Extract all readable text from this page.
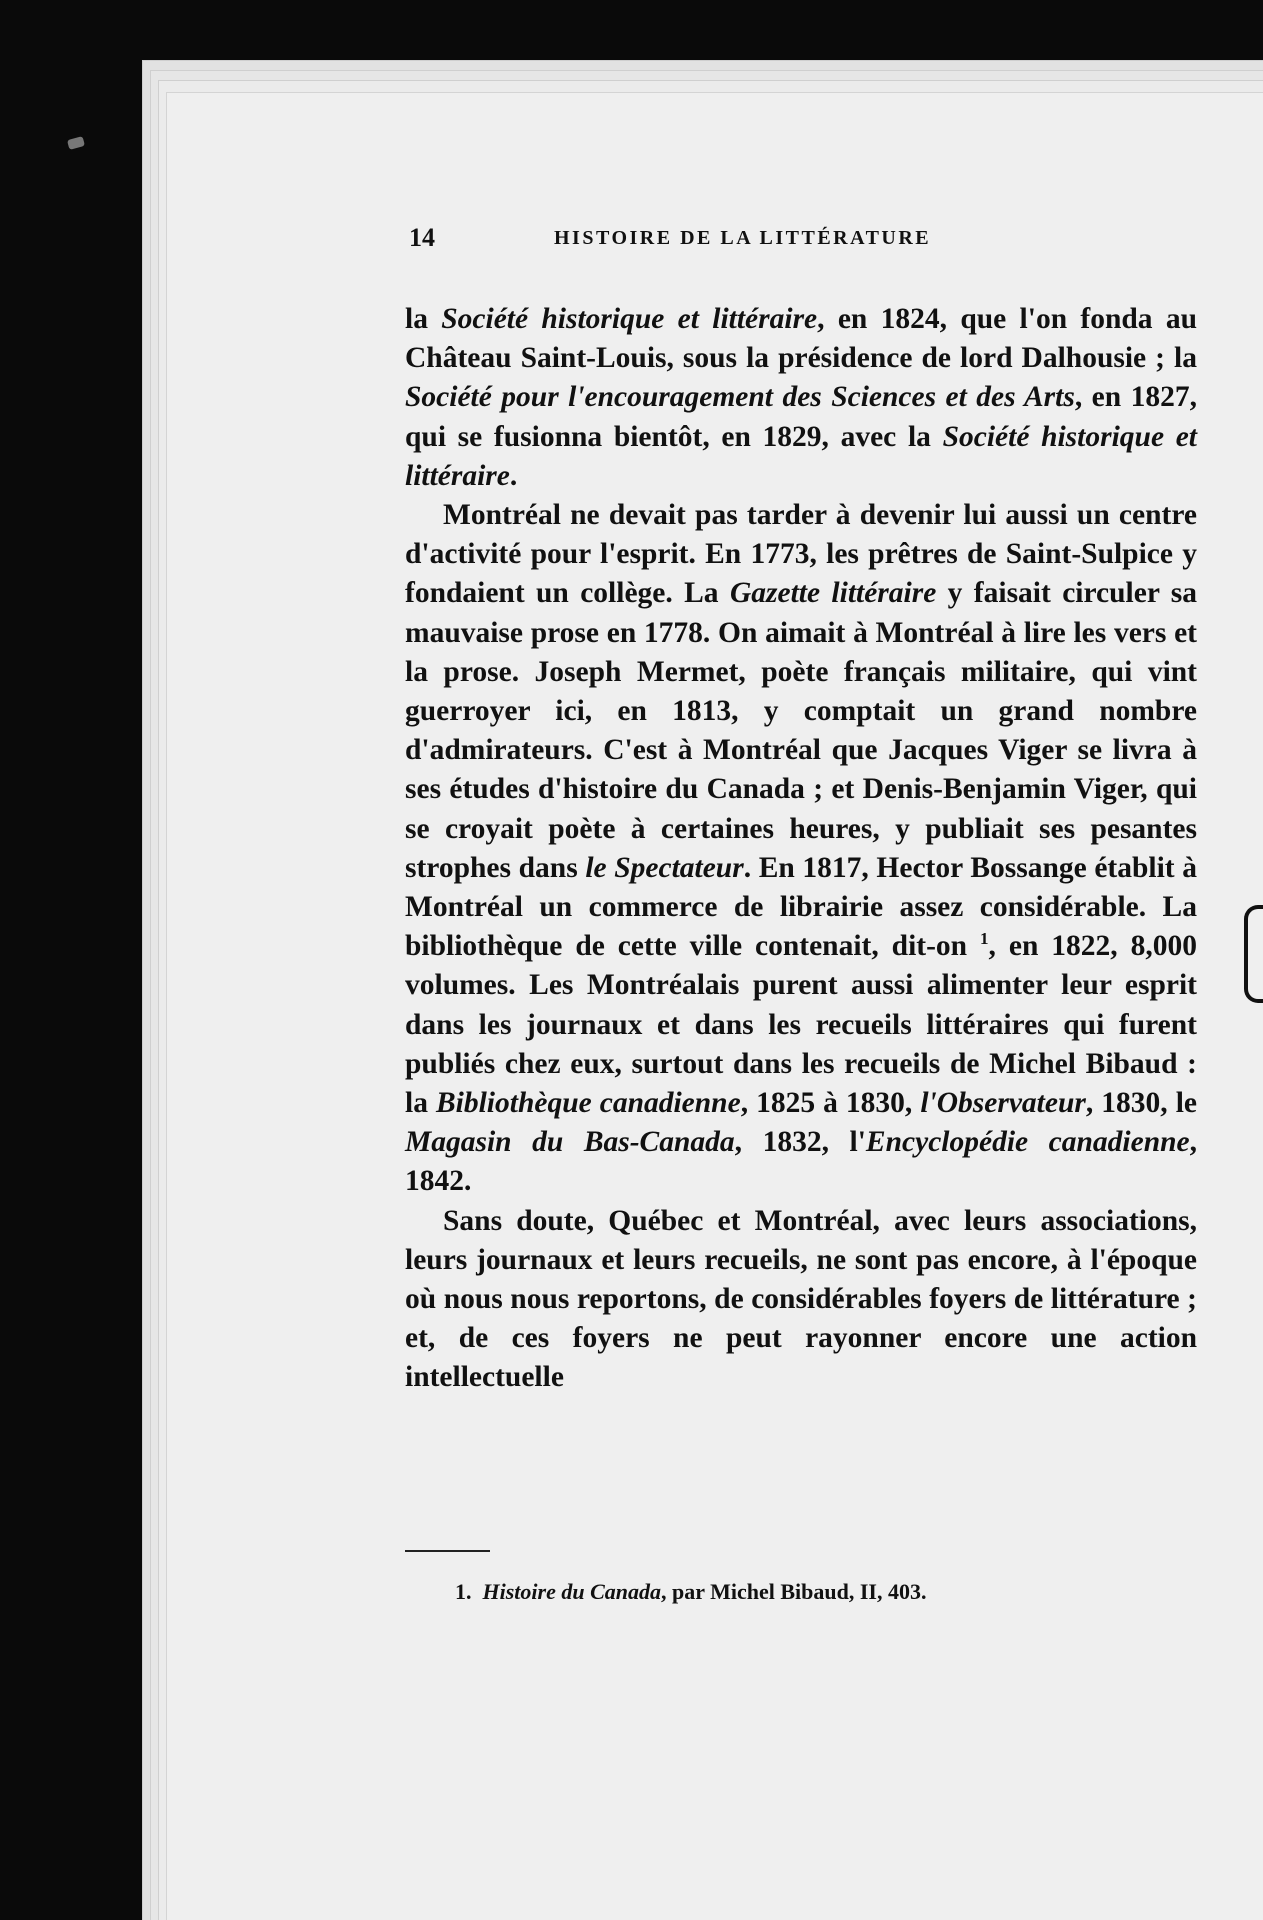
14	HISTOIRE DE LA LITTÉRATURE

la Société historique et littéraire, en 1824, que l'on fonda au Château Saint-Louis, sous la présidence de lord Dalhousie ; la Société pour l'encouragement des Sciences et des Arts, en 1827, qui se fusionna bientôt, en 1829, avec la Société historique et littéraire.

Montréal ne devait pas tarder à devenir lui aussi un centre d'activité pour l'esprit. En 1773, les prêtres de Saint-Sulpice y fondaient un collège. La Gazette littéraire y faisait circuler sa mauvaise prose en 1778. On aimait à Montréal à lire les vers et la prose. Joseph Mermet, poète français militaire, qui vint guerroyer ici, en 1813, y comptait un grand nombre d'admirateurs. C'est à Montréal que Jacques Viger se livra à ses études d'histoire du Canada ; et Denis-Benjamin Viger, qui se croyait poète à certaines heures, y publiait ses pesantes strophes dans le Spectateur. En 1817, Hector Bossange établit à Montréal un commerce de librairie assez considérable. La bibliothèque de cette ville contenait, dit-on $^1$, en 1822, 8,000 volumes. Les Montréalais purent aussi alimenter leur esprit dans les journaux et dans les recueils littéraires qui furent publiés chez eux, surtout dans les recueils de Michel Bibaud : la Bibliothèque canadienne, 1825 à 1830, l'Observateur, 1830, le Magasin du Bas-Canada, 1832, l'Encyclopédie canadienne, 1842.

Sans doute, Québec et Montréal, avec leurs associations, leurs journaux et leurs recueils, ne sont pas encore, à l'époque où nous nous reportons, de considérables foyers de littérature ; et, de ces foyers ne peut rayonner encore une action intellectuelle

1. Histoire du Canada, par Michel Bibaud, II, 403.
